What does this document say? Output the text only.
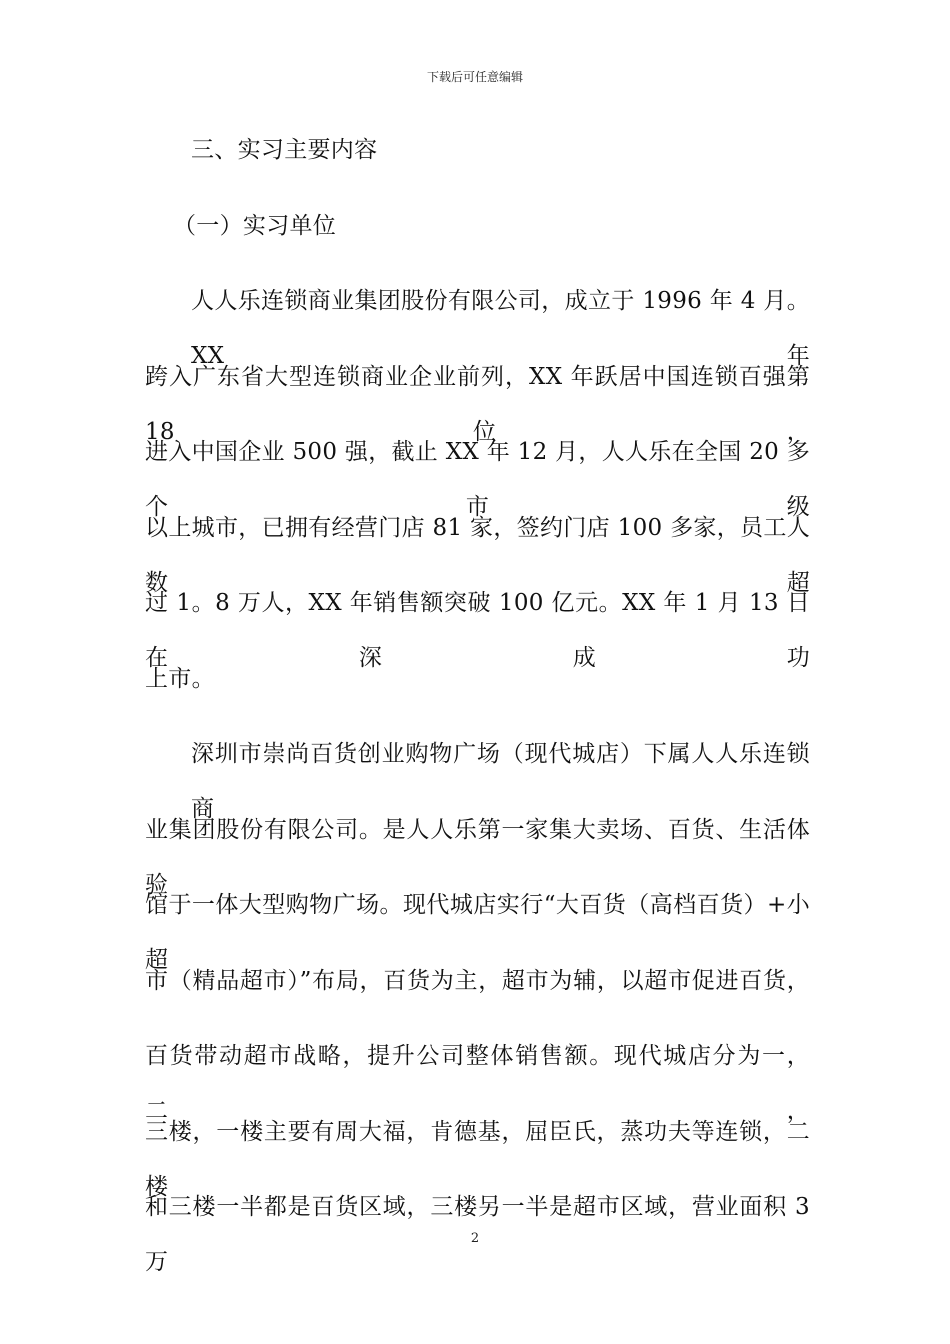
下载后可任意编辑
三、实习主要内容
（一）实习单位
人人乐连锁商业集团股份有限公司，成立于 1996 年 4 月。XX 年
跨入广东省大型连锁商业企业前列，XX 年跃居中国连锁百强第 18 位，
进入中国企业 500 强，截止 XX 年 12 月，人人乐在全国 20 多个市级
以上城市，已拥有经营门店 81 家，签约门店 100 多家，员工人数超
过 1。8 万人，XX 年销售额突破 100 亿元。XX 年 1 月 13 日在深成功
上市。
深圳市崇尚百货创业购物广场（现代城店）下属人人乐连锁商
业集团股份有限公司。是人人乐第一家集大卖场、百货、生活体验
馆于一体大型购物广场。现代城店实行“大百货（高档百货）+小超
市（精品超市）”布局，百货为主，超市为辅，以超市促进百货，
百货带动超市战略，提升公司整体销售额。现代城店分为一，二，
三楼，一楼主要有周大福，肯德基，屈臣氏，蒸功夫等连锁，二楼
和三楼一半都是百货区域，三楼另一半是超市区域，营业面积 3 万
2
